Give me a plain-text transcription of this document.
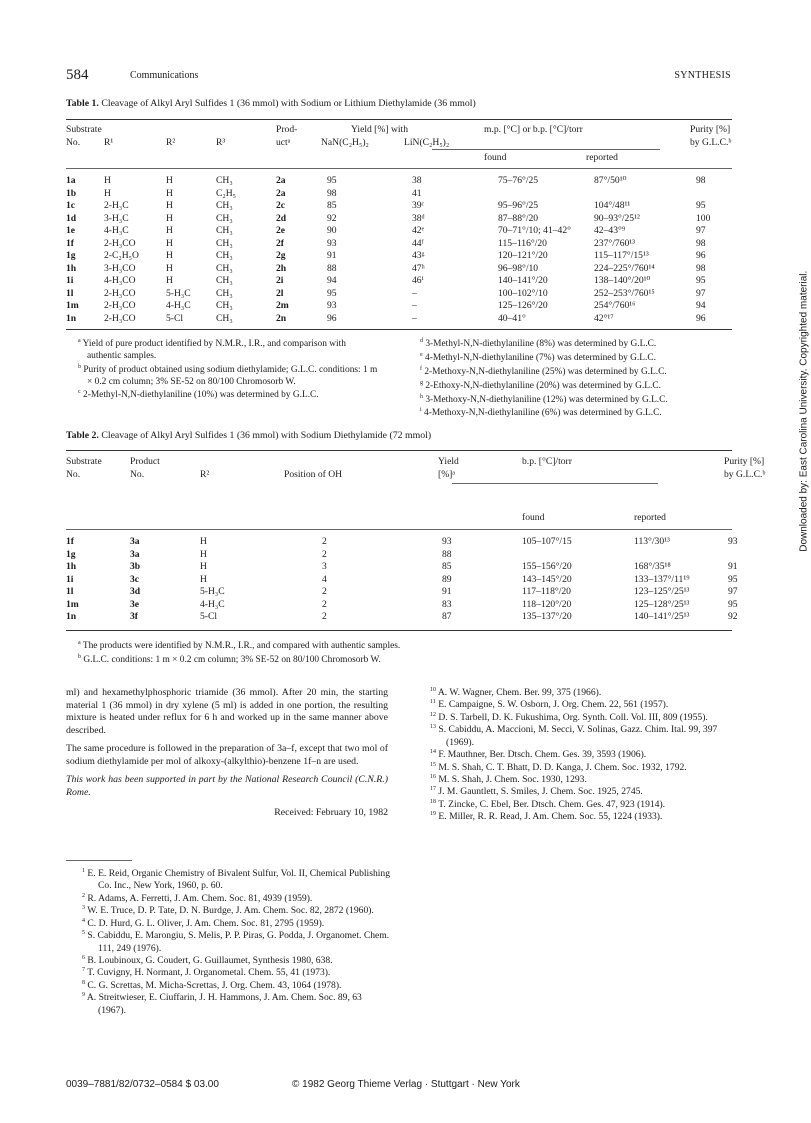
584	Communications	SYNTHESIS
Table 1. Cleavage of Alkyl Aryl Sulfides 1 (36 mmol) with Sodium or Lithium Diethylamide (36 mmol)
Substrate				Prod-	Yield [%] with		m.p. [°C] or b.p. [°C]/torr	Purity [%]
No.	R¹	R²	R³	uctᵃ	NaN(C₂H₅)₂	LiN(C₂H₅)₂		by G.L.C.ᵇ
	found	reported	
1a	H	H	CH₃	2a	95	38	75–76°/25	87°/50¹⁰	98
1b	H	H	C₂H₅	2a	98	41			
1c	2-H₃C	H	CH₃	2c	85	39ᶜ	95–96°/25	104°/48¹¹	95
1d	3-H₃C	H	CH₃	2d	92	38ᵈ	87–88°/20	90–93°/25¹²	100
1e	4-H₃C	H	CH₃	2e	90	42ᵉ	70–71°/10; 41–42°	42–43°⁹	97
1f	2-H₃CO	H	CH₃	2f	93	44ᶠ	115–116°/20	237°/760¹³	98
1g	2-C₂H₅O	H	CH₃	2g	91	43ᵍ	120–121°/20	115–117°/15¹³	96
1h	3-H₃CO	H	CH₃	2h	88	47ʰ	96–98°/10	224–225°/760¹⁴	98
1i	4-H₃CO	H	CH₃	2i	94	46ⁱ	140–141°/20	138–140°/20¹⁰	95
1l	2-H₃CO	5-H₃C	CH₃	2l	95	–	100–102°/10	252–253°/760¹⁵	97
1m	2-H₃CO	4-H₃C	CH₃	2m	93	–	125–126°/20	254°/760¹⁶	94
1n	2-H₃CO	5-Cl	CH₃	2n	96	–	40–41°	42°¹⁷	96

$^a$ Yield of pure product identified by N.M.R., I.R., and comparison with authentic samples.

$^b$ Purity of product obtained using sodium diethylamide; G.L.C. conditions: 1 m × 0.2 cm column; 3% SE-52 on 80/100 Chromosorb W.

$^c$ 2-Methyl-N,N-diethylaniline (10%) was determined by G.L.C.

$^d$ 3-Methyl-N,N-diethylaniline (8%) was determined by G.L.C.

$^e$ 4-Methyl-N,N-diethylaniline (7%) was determined by G.L.C.

$^f$ 2-Methoxy-N,N-diethylaniline (25%) was determined by G.L.C.

$^g$ 2-Ethoxy-N,N-diethylaniline (20%) was determined by G.L.C.

$^h$ 3-Methoxy-N,N-diethylaniline (12%) was determined by G.L.C.

$^i$ 4-Methoxy-N,N-diethylaniline (6%) was determined by G.L.C.

Table 2. Cleavage of Alkyl Aryl Sulfides 1 (36 mmol) with Sodium Diethylamide (72 mmol)
Substrate	Product			Yield	b.p. [°C]/torr	Purity [%]
No.	No.	R²	Position of OH	[%]ᵃ		by G.L.C.ᵇ
	found	reported	
1f	3a	H	2	93	105–107°/15	113°/30¹³	93
1g	3a	H	2	88			
1h	3b	H	3	85	155–156°/20	168°/35¹⁸	91
1i	3c	H	4	89	143–145°/20	133–137°/11¹⁹	95
1l	3d	5-H₃C	2	91	117–118°/20	123–125°/25¹³	97
1m	3e	4-H₃C	2	83	118–120°/20	125–128°/25¹³	95
1n	3f	5-Cl	2	87	135–137°/20	140–141°/25¹³	92

$^a$ The products were identified by N.M.R., I.R., and compared with authentic samples.

$^b$ G.L.C. conditions: 1 m × 0.2 cm column; 3% SE-52 on 80/100 Chromosorb W.

ml) and hexamethylphosphoric triamide (36 mmol). After 20 min, the starting material 1 (36 mmol) in dry xylene (5 ml) is added in one portion, the resulting mixture is heated under reflux for 6 h and worked up in the same manner above described.

The same procedure is followed in the preparation of 3a–f, except that two mol of sodium diethylamide per mol of alkoxy-(alkylthio)-benzene 1f–n are used.

This work has been supported in part by the National Research Council (C.N.R.) Rome.

Received: February 10, 1982

$^{10}$ A. W. Wagner, Chem. Ber. 99, 375 (1966).

$^{11}$ E. Campaigne, S. W. Osborn, J. Org. Chem. 22, 561 (1957).

$^{12}$ D. S. Tarbell, D. K. Fukushima, Org. Synth. Coll. Vol. III, 809 (1955).

$^{13}$ S. Cabiddu, A. Maccioni, M. Secci, V. Solinas, Gazz. Chim. Ital. 99, 397 (1969).

$^{14}$ F. Mauthner, Ber. Dtsch. Chem. Ges. 39, 3593 (1906).

$^{15}$ M. S. Shah, C. T. Bhatt, D. D. Kanga, J. Chem. Soc. 1932, 1792.

$^{16}$ M. S. Shah, J. Chem. Soc. 1930, 1293.

$^{17}$ J. M. Gauntlett, S. Smiles, J. Chem. Soc. 1925, 2745.

$^{18}$ T. Zincke, C. Ebel, Ber. Dtsch. Chem. Ges. 47, 923 (1914).

$^{19}$ E. Miller, R. R. Read, J. Am. Chem. Soc. 55, 1224 (1933).

$^1$ E. E. Reid, Organic Chemistry of Bivalent Sulfur, Vol. II, Chemical Publishing Co. Inc., New York, 1960, p. 60.

$^2$ R. Adams, A. Ferretti, J. Am. Chem. Soc. 81, 4939 (1959).

$^3$ W. E. Truce, D. P. Tate, D. N. Burdge, J. Am. Chem. Soc. 82, 2872 (1960).

$^4$ C. D. Hurd, G. L. Oliver, J. Am. Chem. Soc. 81, 2795 (1959).

$^5$ S. Cabiddu, E. Marongiu, S. Melis, P. P. Piras, G. Podda, J. Organomet. Chem. 111, 249 (1976).

$^6$ B. Loubinoux, G. Coudert, G. Guillaumet, Synthesis 1980, 638.

$^7$ T. Cuvigny, H. Normant, J. Organometal. Chem. 55, 41 (1973).

$^8$ C. G. Screttas, M. Micha-Screttas, J. Org. Chem. 43, 1064 (1978).

$^9$ A. Streitwieser, E. Ciuffarin, J. H. Hammons, J. Am. Chem. Soc. 89, 63 (1967).

0039–7881/82/0732–0584 $ 03.00	© 1982 Georg Thieme Verlag · Stuttgart · New York
Downloaded by: East Carolina University. Copyrighted material.
